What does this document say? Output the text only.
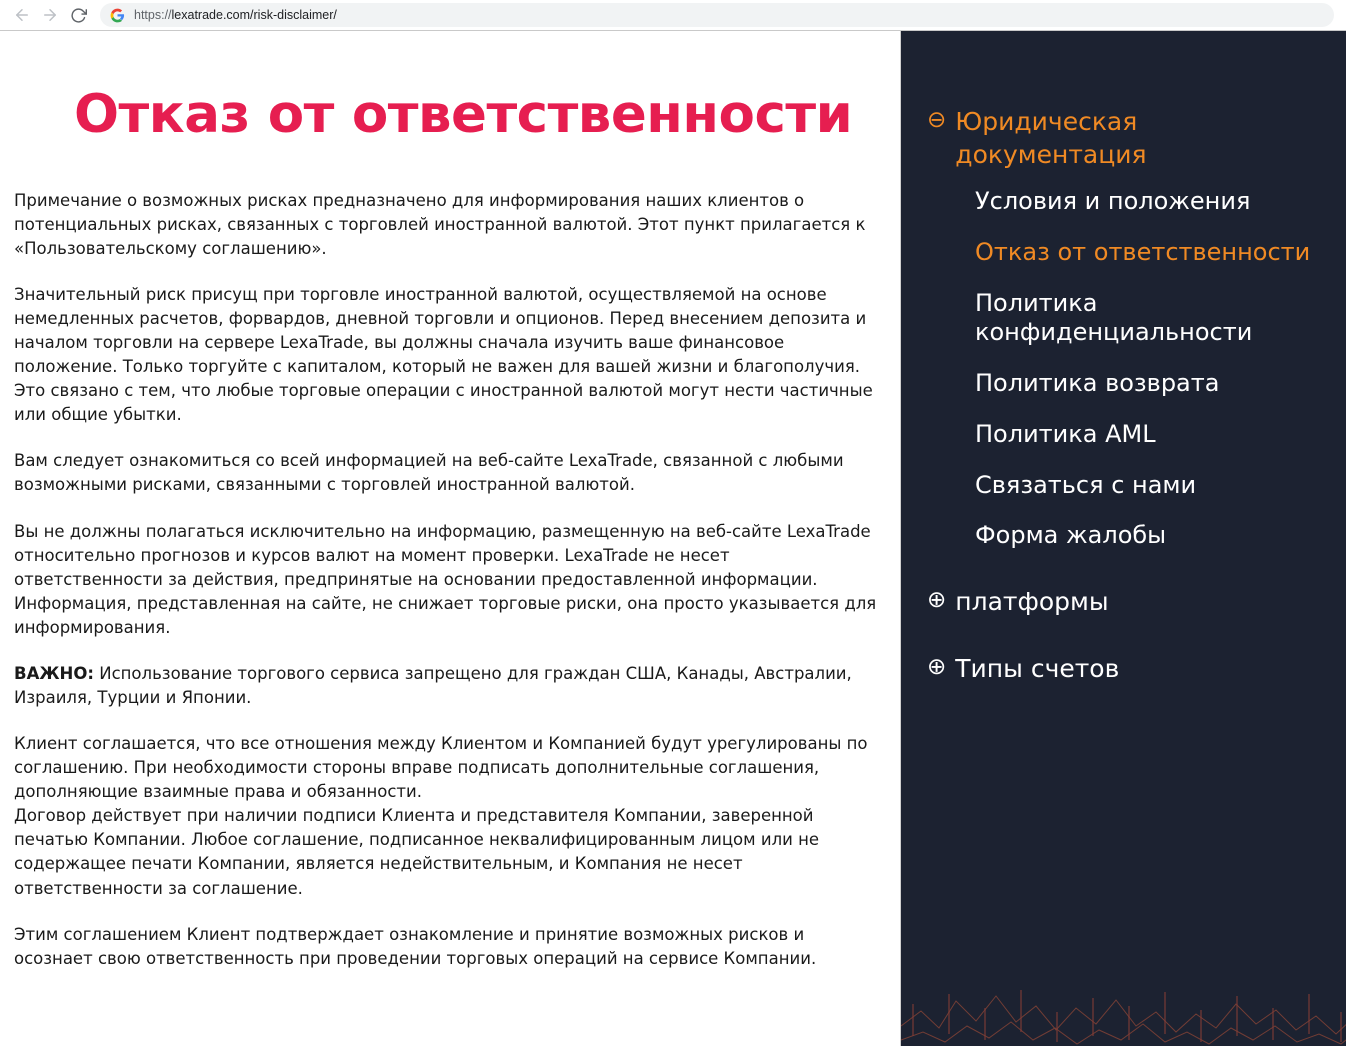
https://lexatrade.com/risk-disclaimer/
Отказ от ответственности

Примечание о возможных рисках предназначено для информирования наших клиентов о потенциальных рисках, связанных с торговлей иностранной валютой. Этот пункт прилагается к «Пользовательскому соглашению».

Значительный риск присущ при торговле иностранной валютой, осуществляемой на основе немедленных расчетов, форвардов, дневной торговли и опционов. Перед внесением депозита и началом торговли на сервере LexaTrade, вы должны сначала изучить ваше финансовое положение. Только торгуйте с капиталом, который не важен для вашей жизни и благополучия. Это связано с тем, что любые торговые операции с иностранной валютой могут нести частичные или общие убытки.

Вам следует ознакомиться со всей информацией на веб-сайте LexaTrade, связанной с любыми возможными рисками, связанными с торговлей иностранной валютой.

Вы не должны полагаться исключительно на информацию, размещенную на веб-сайте LexaTrade относительно прогнозов и курсов валют на момент проверки. LexaTrade не несет ответственности за действия, предпринятые на основании предоставленной информации. Информация, представленная на сайте, не снижает торговые риски, она просто указывается для информирования.

ВАЖНО: Использование торгового сервиса запрещено для граждан США, Канады, Австралии, Израиля, Турции и Японии.

Клиент соглашается, что все отношения между Клиентом и Компанией будут урегулированы по соглашению. При необходимости стороны вправе подписать дополнительные соглашения, дополняющие взаимные права и обязанности.

Договор действует при наличии подписи Клиента и представителя Компании, заверенной печатью Компании. Любое соглашение, подписанное неквалифицированным лицом или не содержащее печати Компании, является недействительным, и Компания не несет ответственности за соглашение.

Этим соглашением Клиент подтверждает ознакомление и принятие возможных рисков и осознает свою ответственность при проведении торговых операций на сервисе Компании.

⊖ Юридическая документация
Условия и положения
Отказ от ответственности
Политика конфиденциальности
Политика возврата
Политика AML
Связаться с нами
Форма жалобы
⊕ платформы
⊕ Типы счетов
